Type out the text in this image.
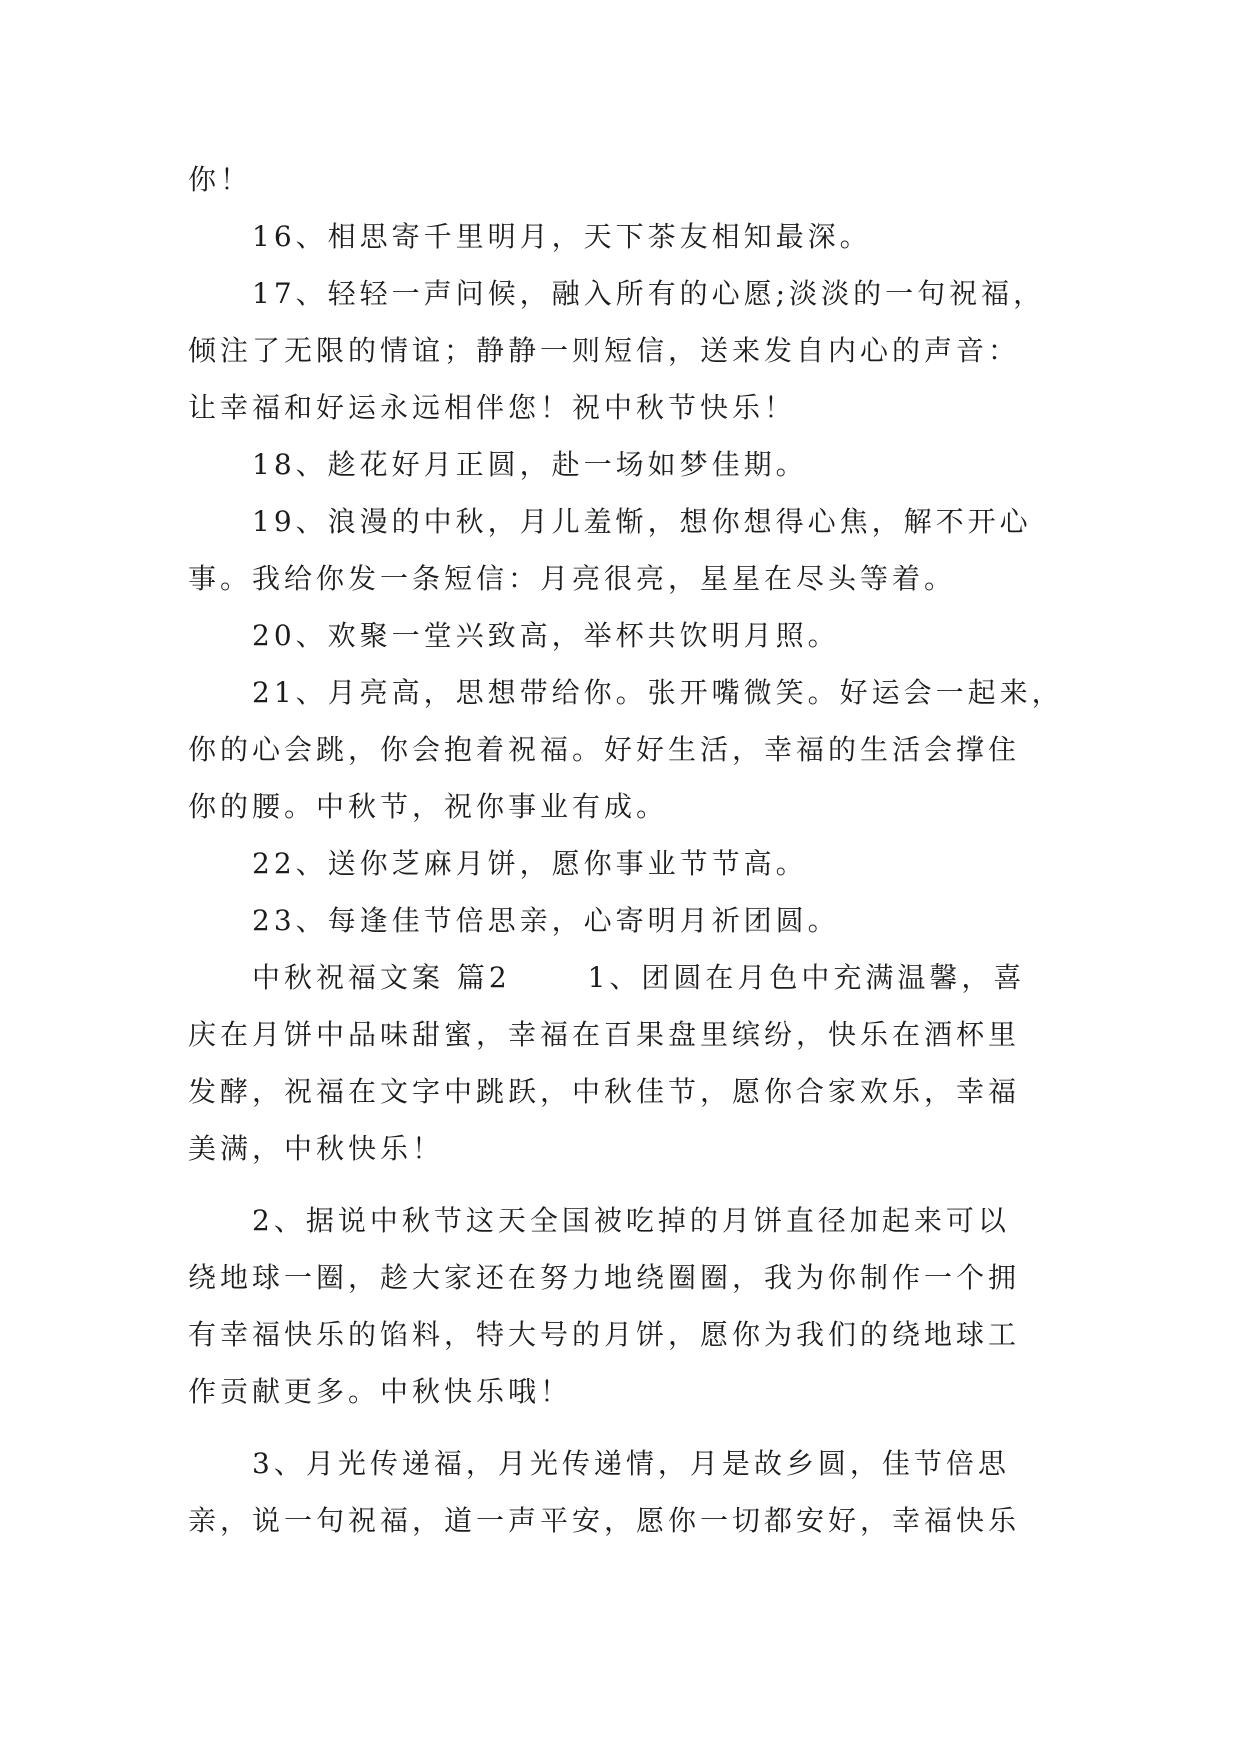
你！
16、相思寄千里明月，天下茶友相知最深。
17、轻轻一声问候，融入所有的心愿;淡淡的一句祝福，
倾注了无限的情谊；静静一则短信，送来发自内心的声音：
让幸福和好运永远相伴您！祝中秋节快乐！
18、趁花好月正圆，赴一场如梦佳期。
19、浪漫的中秋，月儿羞惭，想你想得心焦，解不开心
事。我给你发一条短信：月亮很亮，星星在尽头等着。
20、欢聚一堂兴致高，举杯共饮明月照。
21、月亮高，思想带给你。张开嘴微笑。好运会一起来，
你的心会跳，你会抱着祝福。好好生活，幸福的生活会撑住
你的腰。中秋节，祝你事业有成。
22、送你芝麻月饼，愿你事业节节高。
23、每逢佳节倍思亲，心寄明月祈团圆。
中秋祝福文案 篇2 　　1、团圆在月色中充满温馨，喜
庆在月饼中品味甜蜜，幸福在百果盘里缤纷，快乐在酒杯里
发酵，祝福在文字中跳跃，中秋佳节，愿你合家欢乐，幸福
美满，中秋快乐！
2、据说中秋节这天全国被吃掉的月饼直径加起来可以
绕地球一圈，趁大家还在努力地绕圈圈，我为你制作一个拥
有幸福快乐的馅料，特大号的月饼，愿你为我们的绕地球工
作贡献更多。中秋快乐哦！
3、月光传递福，月光传递情，月是故乡圆，佳节倍思
亲，说一句祝福，道一声平安，愿你一切都安好，幸福快乐
